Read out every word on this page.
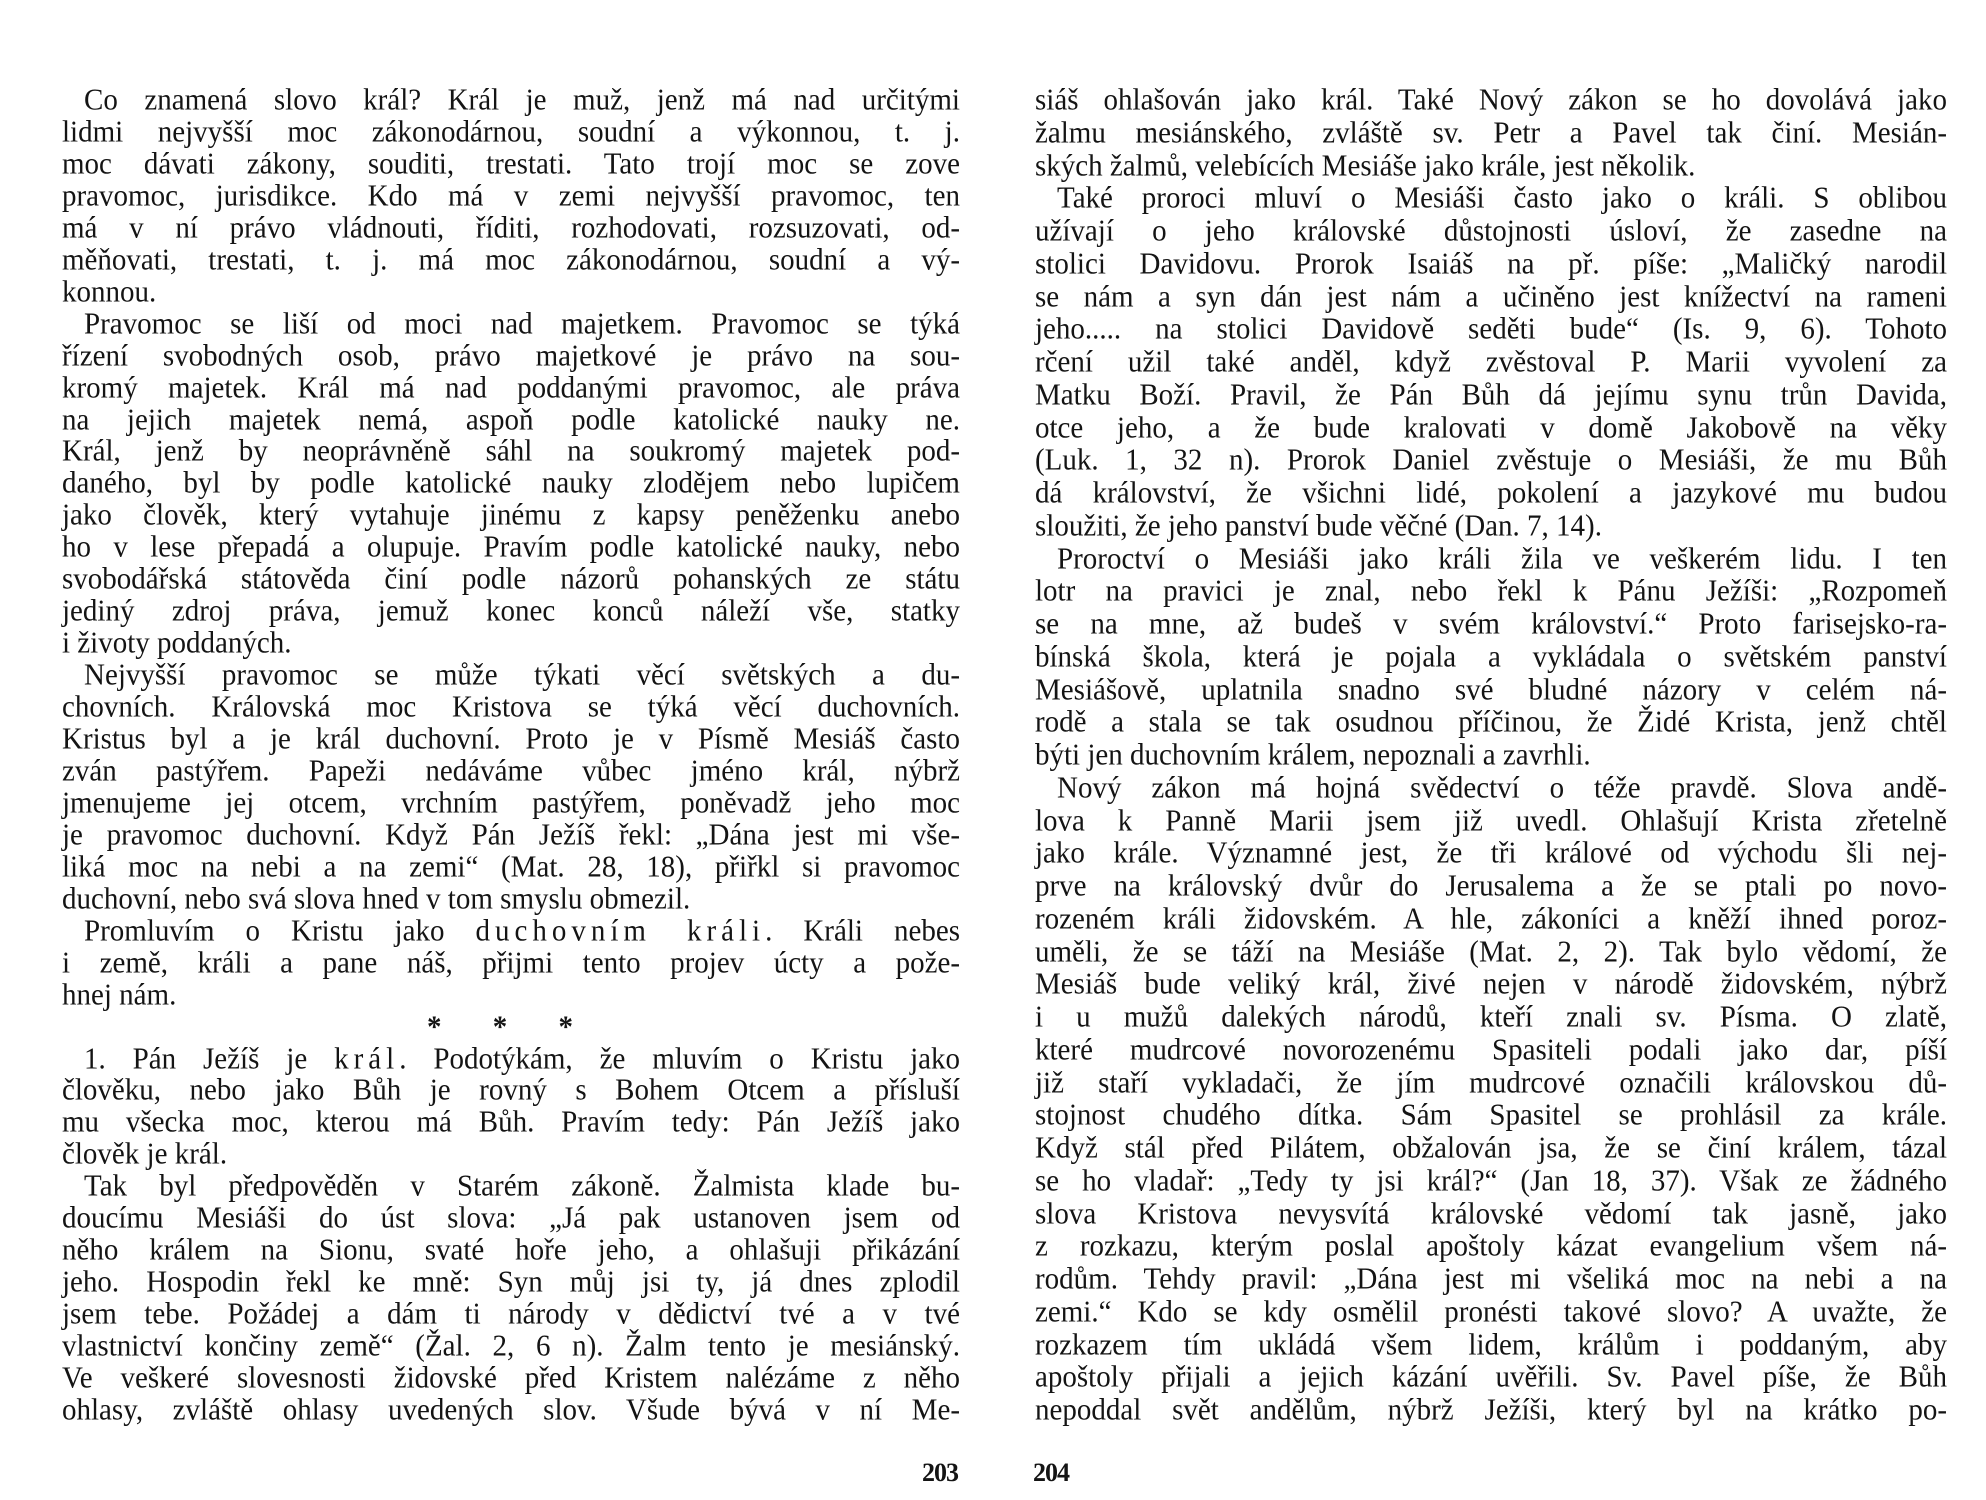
Co znamená slovo král? Král je muž, jenž má nad určitými
lidmi nejvyšší moc zákonodárnou, soudní a výkonnou, t. j.
moc dávati zákony, souditi, trestati. Tato trojí moc se zove
pravomoc, jurisdikce. Kdo má v zemi nejvyšší pravomoc, ten
má v ní právo vládnouti, říditi, rozhodovati, rozsuzovati, od-
měňovati, trestati, t. j. má moc zákonodárnou, soudní a vý-
konnou.
Pravomoc se liší od moci nad majetkem. Pravomoc se týká
řízení svobodných osob, právo majetkové je právo na sou-
kromý majetek. Král má nad poddanými pravomoc, ale práva
na jejich majetek nemá, aspoň podle katolické nauky ne.
Král, jenž by neoprávněně sáhl na soukromý majetek pod-
daného, byl by podle katolické nauky zlodějem nebo lupičem
jako člověk, který vytahuje jinému z kapsy peněženku anebo
ho v lese přepadá a olupuje. Pravím podle katolické nauky, nebo
svobodářská státověda činí podle názorů pohanských ze státu
jediný zdroj práva, jemuž konec konců náleží vše, statky
i životy poddaných.
Nejvyšší pravomoc se může týkati věcí světských a du-
chovních. Královská moc Kristova se týká věcí duchovních.
Kristus byl a je král duchovní. Proto je v Písmě Mesiáš často
zván pastýřem. Papeži nedáváme vůbec jméno král, nýbrž
jmenujeme jej otcem, vrchním pastýřem, poněvadž jeho moc
je pravomoc duchovní. Když Pán Ježíš řekl: „Dána jest mi vše-
liká moc na nebi a na zemi“ (Mat. 28, 18), přiřkl si pravomoc
duchovní, nebo svá slova hned v tom smyslu obmezil.
Promluvím o Kristu jako duchovním králi. Králi nebes
i země, králi a pane náš, přijmi tento projev úcty a pože-
hnej nám.
* * *
1. Pán Ježíš je král. Podotýkám, že mluvím o Kristu jako
člověku, nebo jako Bůh je rovný s Bohem Otcem a přísluší
mu všecka moc, kterou má Bůh. Pravím tedy: Pán Ježíš jako
člověk je král.
Tak byl předpověděn v Starém zákoně. Žalmista klade bu-
doucímu Mesiáši do úst slova: „Já pak ustanoven jsem od
něho králem na Sionu, svaté hoře jeho, a ohlašuji přikázání
jeho. Hospodin řekl ke mně: Syn můj jsi ty, já dnes zplodil
jsem tebe. Požádej a dám ti národy v dědictví tvé a v tvé
vlastnictví končiny země“ (Žal. 2, 6 n). Žalm tento je mesiánský.
Ve veškeré slovesnosti židovské před Kristem nalézáme z něho
ohlasy, zvláště ohlasy uvedených slov. Všude bývá v ní Me-
203
siáš ohlašován jako král. Také Nový zákon se ho dovolává jako
žalmu mesiánského, zvláště sv. Petr a Pavel tak činí. Mesián-
ských žalmů, velebících Mesiáše jako krále, jest několik.
Také proroci mluví o Mesiáši často jako o králi. S oblibou
užívají o jeho královské důstojnosti úsloví, že zasedne na
stolici Davidovu. Prorok Isaiáš na př. píše: „Maličký narodil
se nám a syn dán jest nám a učiněno jest knížectví na rameni
jeho..... na stolici Davidově seděti bude“ (Is. 9, 6). Tohoto
rčení užil také anděl, když zvěstoval P. Marii vyvolení za
Matku Boží. Pravil, že Pán Bůh dá jejímu synu trůn Davida,
otce jeho, a že bude kralovati v domě Jakobově na věky
(Luk. 1, 32 n). Prorok Daniel zvěstuje o Mesiáši, že mu Bůh
dá království, že všichni lidé, pokolení a jazykové mu budou
sloužiti, že jeho panství bude věčné (Dan. 7, 14).
Proroctví o Mesiáši jako králi žila ve veškerém lidu. I ten
lotr na pravici je znal, nebo řekl k Pánu Ježíši: „Rozpomeň
se na mne, až budeš v svém království.“ Proto farisejsko-ra-
bínská škola, která je pojala a vykládala o světském panství
Mesiášově, uplatnila snadno své bludné názory v celém ná-
rodě a stala se tak osudnou příčinou, že Židé Krista, jenž chtěl
býti jen duchovním králem, nepoznali a zavrhli.
Nový zákon má hojná svědectví o téže pravdě. Slova andě-
lova k Panně Marii jsem již uvedl. Ohlašují Krista zřetelně
jako krále. Významné jest, že tři králové od východu šli nej-
prve na královský dvůr do Jerusalema a že se ptali po novo-
rozeném králi židovském. A hle, zákoníci a kněží ihned poroz-
uměli, že se táží na Mesiáše (Mat. 2, 2). Tak bylo vědomí, že
Mesiáš bude veliký král, živé nejen v národě židovském, nýbrž
i u mužů dalekých národů, kteří znali sv. Písma. O zlatě,
které mudrcové novorozenému Spasiteli podali jako dar, píší
již staří vykladači, že jím mudrcové označili královskou dů-
stojnost chudého dítka. Sám Spasitel se prohlásil za krále.
Když stál před Pilátem, obžalován jsa, že se činí králem, tázal
se ho vladař: „Tedy ty jsi král?“ (Jan 18, 37). Však ze žádného
slova Kristova nevysvítá královské vědomí tak jasně, jako
z rozkazu, kterým poslal apoštoly kázat evangelium všem ná-
rodům. Tehdy pravil: „Dána jest mi všeliká moc na nebi a na
zemi.“ Kdo se kdy osmělil pronésti takové slovo? A uvažte, že
rozkazem tím ukládá všem lidem, králům i poddaným, aby
apoštoly přijali a jejich kázání uvěřili. Sv. Pavel píše, že Bůh
nepoddal svět andělům, nýbrž Ježíši, který byl na krátko po-
204
